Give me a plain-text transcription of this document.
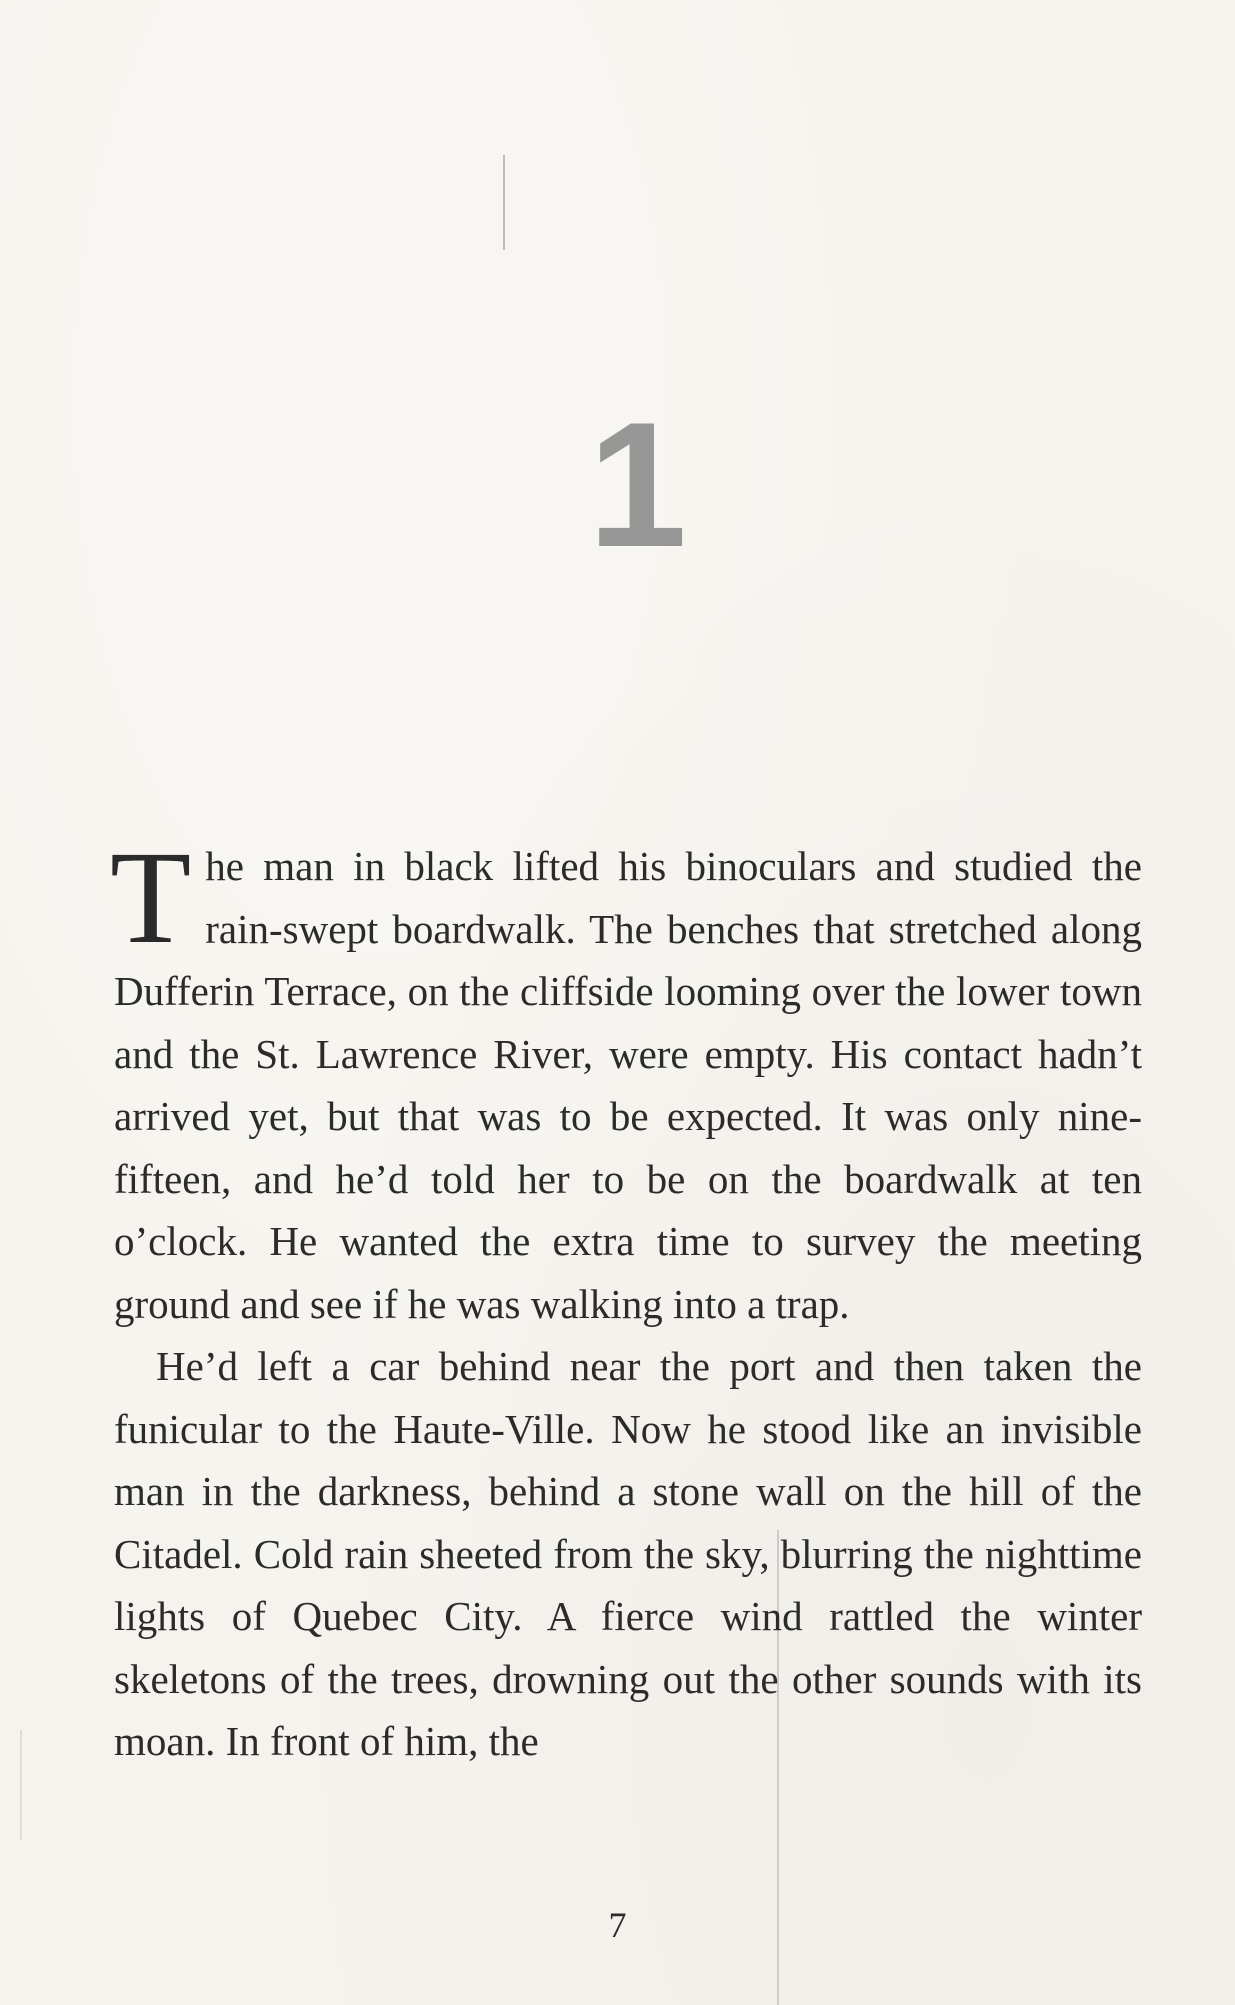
1

The man in black lifted his binoculars and studied the rain-swept boardwalk. The benches that stretched along Dufferin Terrace, on the cliffside looming over the lower town and the St. Lawrence River, were empty. His contact hadn’t arrived yet, but that was to be expected. It was only nine-fifteen, and he’d told her to be on the boardwalk at ten o’clock. He wanted the extra time to survey the meeting ground and see if he was walking into a trap.

He’d left a car behind near the port and then taken the funicular to the Haute-Ville. Now he stood like an invisible man in the darkness, behind a stone wall on the hill of the Citadel. Cold rain sheeted from the sky, blurring the nighttime lights of Quebec City. A fierce wind rattled the winter skeletons of the trees, drowning out the other sounds with its moan. In front of him, the

7
